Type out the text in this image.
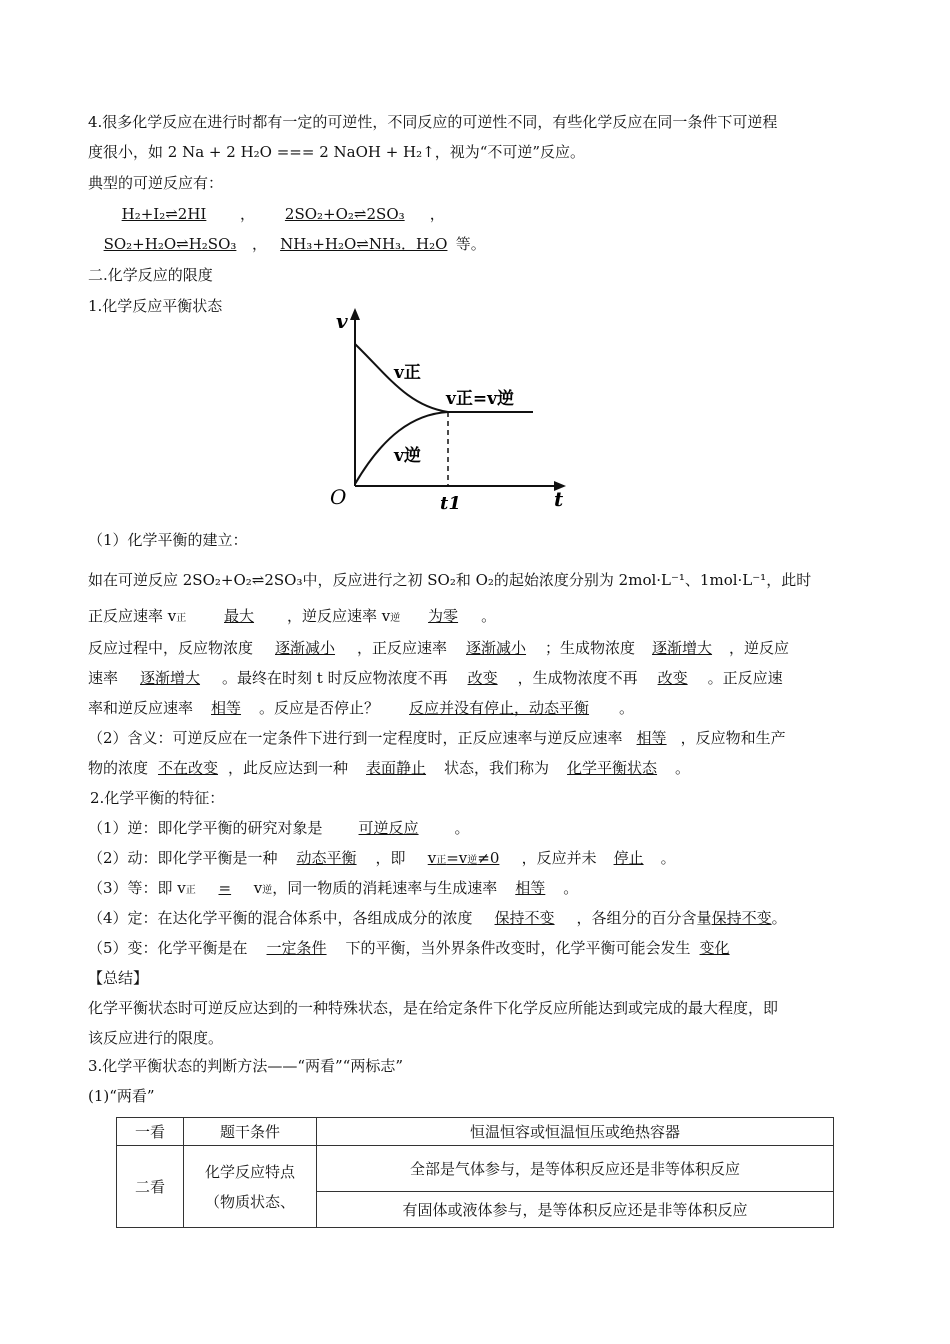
4.很多化学反应在进行时都有一定的可逆性，不同反应的可逆性不同，有些化学反应在同一条件下可逆程
度很小，如 2 Na + 2 H₂O === 2 NaOH + H₂↑，视为“不可逆”反应。
典型的可逆反应有：
H₂+I₂⇌2HI ， 2SO₂+O₂⇌2SO₃ ，
SO₂+H₂O⇌H₂SO₃ ， NH₃+H₂O⇌NH₃．H₂O 等。
二.化学反应的限度
1.化学反应平衡状态
v
v正
v逆
v正=v逆
O	t1	t
（1）化学平衡的建立：
如在可逆反应 2SO₂+O₂⇌2SO₃中，反应进行之初 SO₂和 O₂的起始浓度分别为 2mol·L⁻¹、1mol·L⁻¹，此时
正反应速率 v正	最大 ，逆反应速率 v逆 为零 。
反应过程中，反应物浓度 逐渐减小 ，正反应速率 逐渐减小 ；生成物浓度 逐渐增大 ，逆反应
速率 逐渐增大 。最终在时刻 t 时反应物浓度不再 改变 ，生成物浓度不再 改变 。正反应速
率和逆反应速率 相等 。反应是否停止？ 反应并没有停止，动态平衡 。
（2）含义：可逆反应在一定条件下进行到一定程度时，正反应速率与逆反应速率 相等 ，反应物和生产
物的浓度 不在改变 ，此反应达到一种 表面静止 状态，我们称为 化学平衡状态 。
2.化学平衡的特征：
（1）逆：即化学平衡的研究对象是 可逆反应 。
（2）动：即化学平衡是一种 动态平衡 ，即 v正=v逆≠0 ，反应并未 停止 。
（3）等：即 v正 = v逆，同一物质的消耗速率与生成速率 相等 。
（4）定：在达化学平衡的混合体系中，各组成成分的浓度 保持不变 ，各组分的百分含量保持不变。
（5）变：化学平衡是在 一定条件 下的平衡，当外界条件改变时，化学平衡可能会发生 变化
【总结】
化学平衡状态时可逆反应达到的一种特殊状态，是在给定条件下化学反应所能达到或完成的最大程度，即
该反应进行的限度。
3.化学平衡状态的判断方法——“两看”“两标志”
(1)“两看”
一看	题干条件	恒温恒容或恒温恒压或绝热容器
二看	化学反应特点
（物质状态、	全部是气体参与，是等体积反应还是非等体积反应
		有固体或液体参与，是等体积反应还是非等体积反应
